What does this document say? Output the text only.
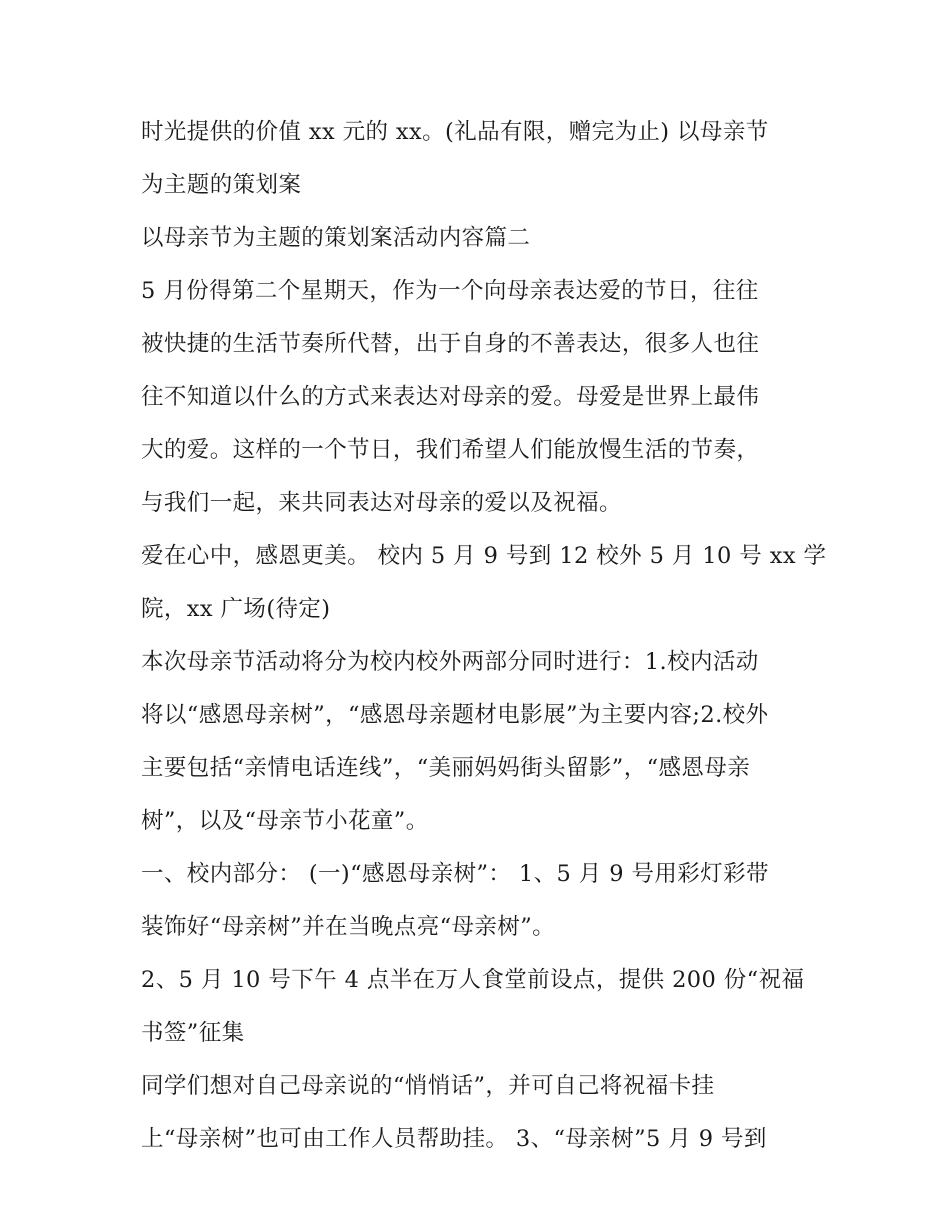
时光提供的价值 xx 元的 xx。(礼品有限，赠完为止) 以母亲节
为主题的策划案
以母亲节为主题的策划案活动内容篇二
5 月份得第二个星期天，作为一个向母亲表达爱的节日，往往
被快捷的生活节奏所代替，出于自身的不善表达，很多人也往
往不知道以什么的方式来表达对母亲的爱。母爱是世界上最伟
大的爱。这样的一个节日，我们希望人们能放慢生活的节奏，
与我们一起，来共同表达对母亲的爱以及祝福。
爱在心中，感恩更美。 校内 5 月 9 号到 12 校外 5 月 10 号 xx 学
院，xx 广场(待定)
本次母亲节活动将分为校内校外两部分同时进行：1.校内活动
将以“感恩母亲树”，“感恩母亲题材电影展”为主要内容;2.校外
主要包括“亲情电话连线”，“美丽妈妈街头留影”，“感恩母亲
树”，以及“母亲节小花童”。
一、校内部分： (一)“感恩母亲树”： 1、5 月 9 号用彩灯彩带
装饰好“母亲树”并在当晚点亮“母亲树”。
2、5 月 10 号下午 4 点半在万人食堂前设点，提供 200 份“祝福
书签”征集
同学们想对自己母亲说的“悄悄话”，并可自己将祝福卡挂
上“母亲树”也可由工作人员帮助挂。 3、“母亲树”5 月 9 号到
